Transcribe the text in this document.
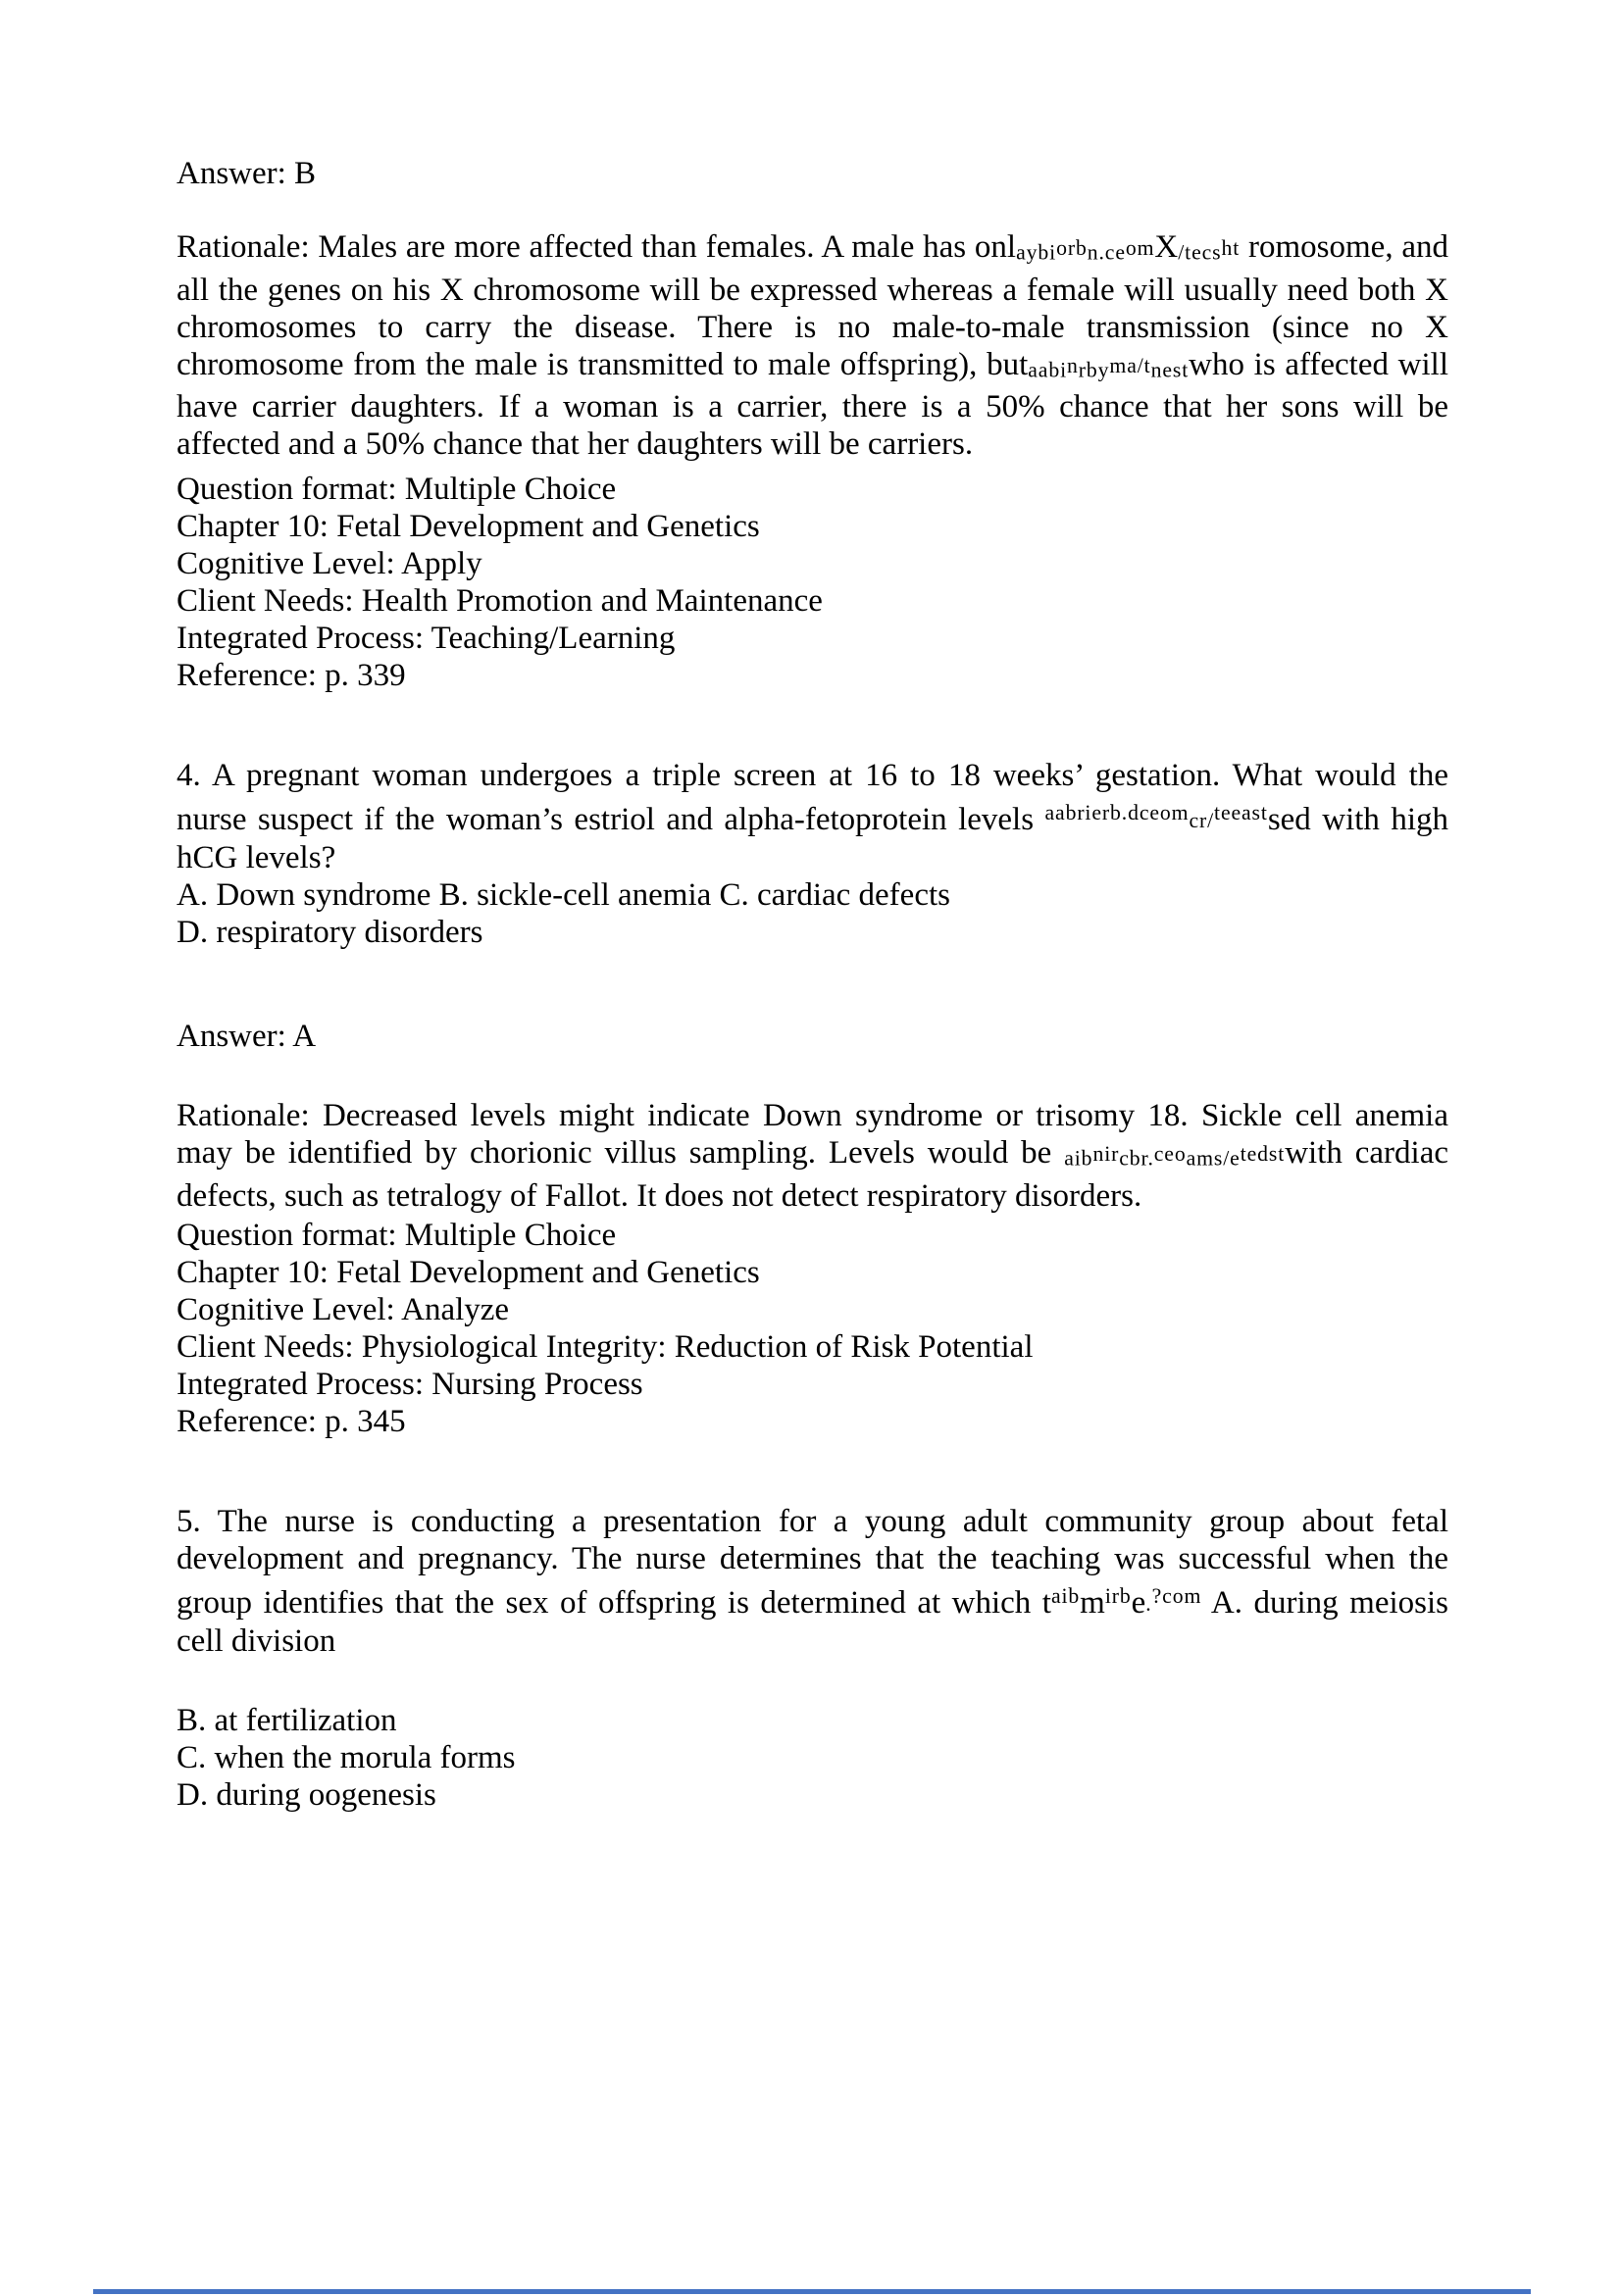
Answer: B
Rationale: Males are more affected than females. A male has onlaybiorbn.ceomX/tecsht romosome, and all the genes on his X chromosome will be expressed whereas a female will usually need both X chromosomes to carry the disease. There is no male-to-male transmission (since no X chromosome from the male is transmitted to male offspring), butaabinrbyma/tnestwho is affected will have carrier daughters. If a woman is a carrier, there is a 50% chance that her sons will be affected and a 50% chance that her daughters will be carriers.
Question format: Multiple Choice
Chapter 10: Fetal Development and Genetics
Cognitive Level: Apply
Client Needs: Health Promotion and Maintenance
Integrated Process: Teaching/Learning
Reference: p. 339
4. A pregnant woman undergoes a triple screen at 16 to 18 weeks’ gestation. What would the nurse suspect if the woman’s estriol and alpha-fetoprotein levels $^{aabrierb.dceom}$cr/$^{teeast}$sed with high hCG levels?
A. Down syndrome B. sickle-cell anemia C. cardiac defects
D. respiratory disorders
Answer: A
Rationale: Decreased levels might indicate Down syndrome or trisomy 18. Sickle cell anemia may be identified by chorionic villus sampling. Levels would be aibnircbr.ceoams/etedstwith cardiac defects, such as tetralogy of Fallot. It does not detect respiratory disorders.
Question format: Multiple Choice
Chapter 10: Fetal Development and Genetics
Cognitive Level: Analyze
Client Needs: Physiological Integrity: Reduction of Risk Potential
Integrated Process: Nursing Process
Reference: p. 345
5. The nurse is conducting a presentation for a young adult community group about fetal development and pregnancy. The nurse determines that the teaching was successful when the group identifies that the sex of offspring is determined at which $t^{aib}m^{irb}e.^{?com}$ A. during meiosis cell division
B. at fertilization
C. when the morula forms
D. during oogenesis
